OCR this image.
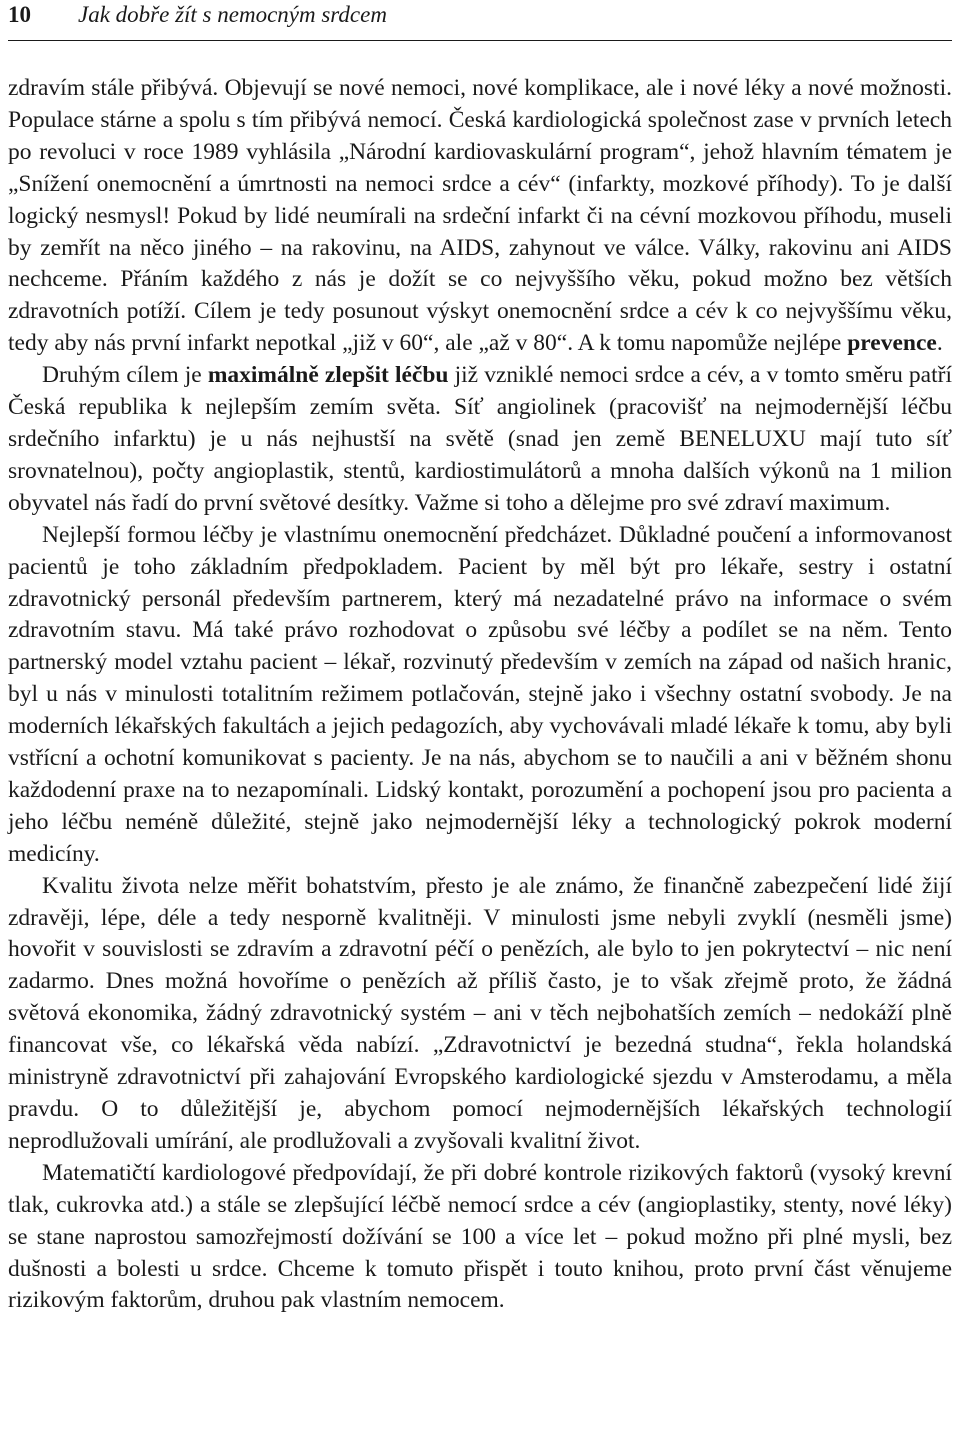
10 Jak dobře žít s nemocným srdcem

zdravím stále přibývá. Objevují se nové nemoci, nové komplikace, ale i nové léky a nové možnosti. Populace stárne a spolu s tím přibývá nemocí. Česká kardiologická společnost zase v prvních letech po revoluci v roce 1989 vyhlásila „Národní kardiovaskulární program“, jehož hlavním tématem je „Snížení onemocnění a úmrtnosti na nemoci srdce a cév“ (infarkty, mozkové příhody). To je další logický nesmysl! Pokud by lidé neumírali na srdeční infarkt či na cévní mozkovou příhodu, museli by zemřít na něco jiného – na rakovinu, na AIDS, zahynout ve válce. Války, rakovinu ani AIDS nechceme. Přáním každého z nás je dožít se co nejvyššího věku, pokud možno bez větších zdravotních potíží. Cílem je tedy posunout výskyt onemocnění srdce a cév k co nejvyššímu věku, tedy aby nás první infarkt nepotkal „již v 60“, ale „až v 80“. A k tomu napomůže nejlépe prevence.

Druhým cílem je maximálně zlepšit léčbu již vzniklé nemoci srdce a cév, a v tomto směru patří Česká republika k nejlepším zemím světa. Síť angiolinek (pracovišť na nejmodernější léčbu srdečního infarktu) je u nás nejhustší na světě (snad jen země BENELUXU mají tuto síť srovnatelnou), počty angioplastik, stentů, kardiostimulátorů a mnoha dalších výkonů na 1 milion obyvatel nás řadí do první světové desítky. Važme si toho a dělejme pro své zdraví maximum.

Nejlepší formou léčby je vlastnímu onemocnění předcházet. Důkladné poučení a informovanost pacientů je toho základním předpokladem. Pacient by měl být pro lékaře, sestry i ostatní zdravotnický personál především partnerem, který má nezadatelné právo na informace o svém zdravotním stavu. Má také právo rozhodovat o způsobu své léčby a podílet se na něm. Tento partnerský model vztahu pacient – lékař, rozvinutý především v zemích na západ od našich hranic, byl u nás v minulosti totalitním režimem potlačován, stejně jako i všechny ostatní svobody. Je na moderních lékařských fakultách a jejich pedagozích, aby vychovávali mladé lékaře k tomu, aby byli vstřícní a ochotní komunikovat s pacienty. Je na nás, abychom se to naučili a ani v běžném shonu každodenní praxe na to nezapomínali. Lidský kontakt, porozumění a pochopení jsou pro pacienta a jeho léčbu neméně důležité, stejně jako nejmodernější léky a technologický pokrok moderní medicíny.

Kvalitu života nelze měřit bohatstvím, přesto je ale známo, že finančně zabezpečení lidé žijí zdravěji, lépe, déle a tedy nesporně kvalitněji. V minulosti jsme nebyli zvyklí (nesměli jsme) hovořit v souvislosti se zdravím a zdravotní péčí o penězích, ale bylo to jen pokrytectví – nic není zadarmo. Dnes možná hovoříme o penězích až příliš často, je to však zřejmě proto, že žádná světová ekonomika, žádný zdravotnický systém – ani v těch nejbohatších zemích – nedokáží plně financovat vše, co lékařská věda nabízí. „Zdravotnictví je bezedná studna“, řekla holandská ministryně zdravotnictví při zahajování Evropského kardiologické sjezdu v Amsterodamu, a měla pravdu. O to důležitější je, abychom pomocí nejmodernějších lékařských technologií neprodlužovali umírání, ale prodlužovali a zvyšovali kvalitní život.

Matematičtí kardiologové předpovídají, že při dobré kontrole rizikových faktorů (vysoký krevní tlak, cukrovka atd.) a stále se zlepšující léčbě nemocí srdce a cév (angioplastiky, stenty, nové léky) se stane naprostou samozřejmostí dožívání se 100 a více let – pokud možno při plné mysli, bez dušnosti a bolesti u srdce. Chceme k tomuto přispět i touto knihou, proto první část věnujeme rizikovým faktorům, druhou pak vlastním nemocem.
